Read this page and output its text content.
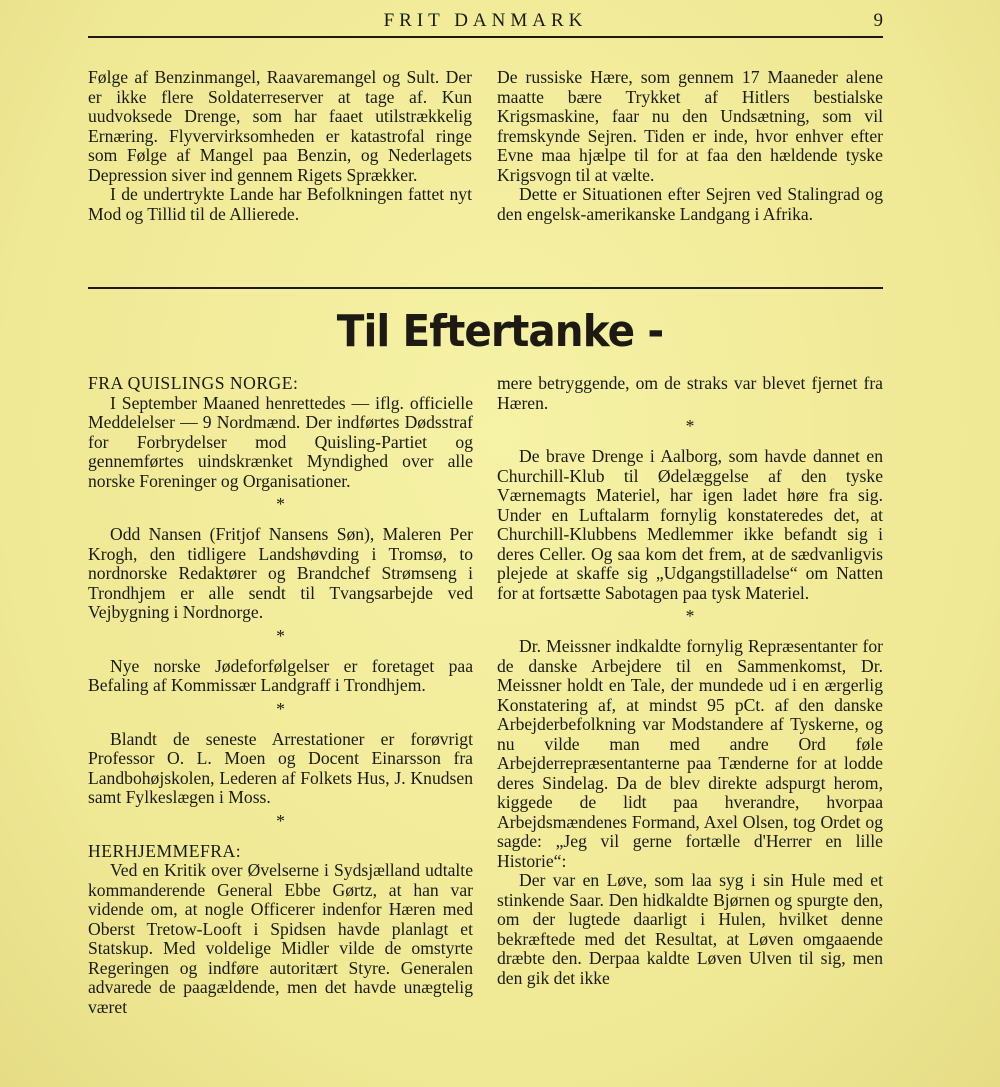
FRIT DANMARK	9

Følge af Benzinmangel, Raavaremangel og Sult. Der er ikke flere Soldaterreserver at tage af. Kun uudvoksede Drenge, som har faaet utilstrækkelig Ernæring. Flyvervirksomheden er katastrofal ringe som Følge af Mangel paa Benzin, og Nederlagets Depression siver ind gennem Rigets Sprækker.

I de undertrykte Lande har Befolkningen fattet nyt Mod og Tillid til de Allierede.

De russiske Hære, som gennem 17 Maaneder alene maatte bære Trykket af Hitlers bestialske Krigsmaskine, faar nu den Undsætning, som vil fremskynde Sejren. Tiden er inde, hvor enhver efter Evne maa hjælpe til for at faa den hældende tyske Krigsvogn til at vælte.

Dette er Situationen efter Sejren ved Stalingrad og den engelsk-amerikanske Landgang i Afrika.

Til Eftertanke -

FRA QUISLINGS NORGE:

I September Maaned henrettedes — iflg. officielle Meddelelser — 9 Nordmænd. Der indførtes Dødsstraf for Forbrydelser mod Quisling-Partiet og gennemførtes uindskrænket Myndighed over alle norske Foreninger og Organisationer.

*

Odd Nansen (Fritjof Nansens Søn), Maleren Per Krogh, den tidligere Landshøvding i Tromsø, to nordnorske Redaktører og Brandchef Strømseng i Trondhjem er alle sendt til Tvangsarbejde ved Vejbygning i Nordnorge.

*

Nye norske Jødeforfølgelser er foretaget paa Befaling af Kommissær Landgraff i Trondhjem.

*

Blandt de seneste Arrestationer er forøvrigt Professor O. L. Moen og Docent Einarsson fra Landbohøjskolen, Lederen af Folkets Hus, J. Knudsen samt Fylkeslægen i Moss.

*

HERHJEMMEFRA:

Ved en Kritik over Øvelserne i Sydsjælland udtalte kommanderende General Ebbe Gørtz, at han var vidende om, at nogle Officerer indenfor Hæren med Oberst Tretow-Looft i Spidsen havde planlagt et Statskup. Med voldelige Midler vilde de omstyrte Regeringen og indføre autoritært Styre. Generalen advarede de paagældende, men det havde unægtelig været

mere betryggende, om de straks var blevet fjernet fra Hæren.

*

De brave Drenge i Aalborg, som havde dannet en Churchill-Klub til Ødelæggelse af den tyske Værnemagts Materiel, har igen ladet høre fra sig. Under en Luftalarm fornylig konstateredes det, at Churchill-Klubbens Medlemmer ikke befandt sig i deres Celler. Og saa kom det frem, at de sædvanligvis plejede at skaffe sig „Udgangstilladelse“ om Natten for at fortsætte Sabotagen paa tysk Materiel.

*

Dr. Meissner indkaldte fornylig Repræsentanter for de danske Arbejdere til en Sammenkomst, Dr. Meissner holdt en Tale, der mundede ud i en ærgerlig Konstatering af, at mindst 95 pCt. af den danske Arbejderbefolkning var Modstandere af Tyskerne, og nu vilde man med andre Ord føle Arbejderrepræsentanterne paa Tænderne for at lodde deres Sindelag. Da de blev direkte adspurgt herom, kiggede de lidt paa hverandre, hvorpaa Arbejdsmændenes Formand, Axel Olsen, tog Ordet og sagde: „Jeg vil gerne fortælle d'Herrer en lille Historie“:

Der var en Løve, som laa syg i sin Hule med et stinkende Saar. Den hidkaldte Bjørnen og spurgte den, om der lugtede daarligt i Hulen, hvilket denne bekræftede med det Resultat, at Løven omgaaende dræbte den. Derpaa kaldte Løven Ulven til sig, men den gik det ikke
